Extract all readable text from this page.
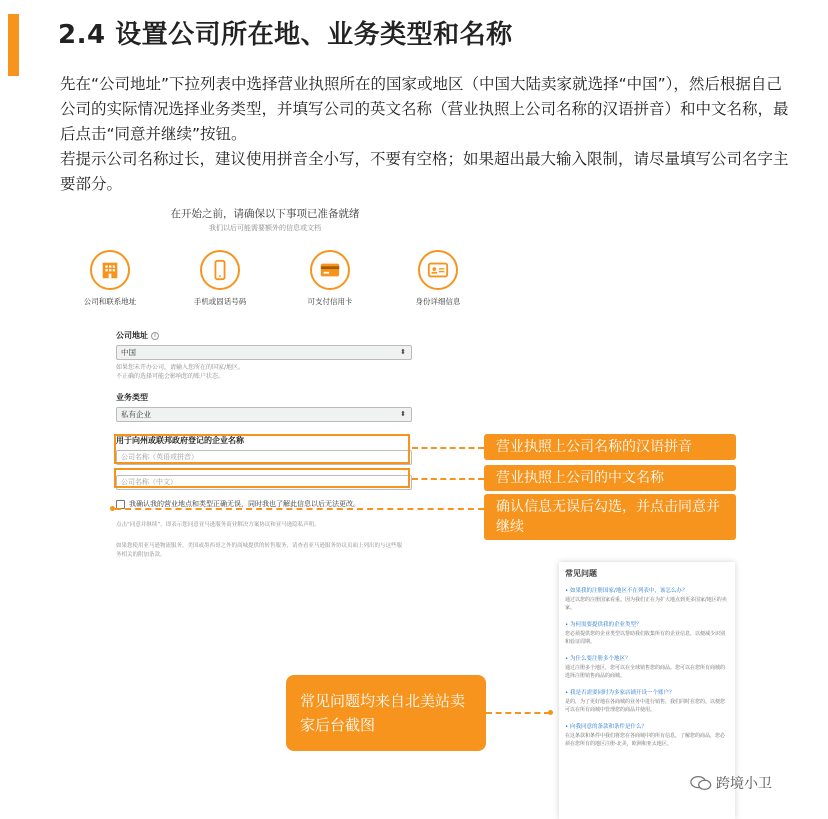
2.4 设置公司所在地、业务类型和名称

先在“公司地址”下拉列表中选择营业执照所在的国家或地区（中国大陆卖家就选择“中国”），然后根据自己公司的实际情况选择业务类型，并填写公司的英文名称（营业执照上公司名称的汉语拼音）和中文名称，最后点击“同意并继续”按钮。

若提示公司名称过长，建议使用拼音全小写，不要有空格；如果超出最大输入限制，请尽量填写公司名字主要部分。

在开始之前，请确保以下事项已准备就绪
我们以后可能需要额外的信息或文档
公司和联系地址	手机或固话号码	可支付信用卡	身份详细信息
公司地址 i
中国	⬍
如果您未开办公司，请输入您所在的国家/地区。
不正确的选择可能会影响您的账户状态。
业务类型
私有企业	⬍
用于向州或联邦政府登记的企业名称
公司名称（英语或拼音）
公司名称（中文）
我确认我的营业地点和类型正确无误，同时我也了解此信息以后无法更改。
点击“同意并继续”，即表示您同意亚马逊服务商业解决方案协议和亚马逊隐私声明。
如果您使用亚马逊物流服务，美国或墨西哥之外的商城提供的转售服务，请查看亚马逊服务协议页面上列出的与这些服务相关的附加条款。
营业执照上公司名称的汉语拼音
营业执照上公司的中文名称
确认信息无误后勾选，并点击同意并继续
常见问题
• 如果我的注册国家/地区不在列表中，该怎么办？
通过以您的注册国家看重。因为我们正在为扩大地点到更多国家/地区的卖家。
• 为何需要提供我的企业类型？
您必须提供您的企业类型以帮助我们收集所有的企业信息，以便减少识别和验证周期。
• 为什么要注册多个地区？
通过注册多个地区，您可以在全球销售您的商品。您可以在您所有商城的选择注册销售商品的商城。
• 我是否需要同时为多家店铺开设一个账户？
是的，为了更好地在各商城的业务中进行销售，我们同时在您的。以便您可以在所有商城中管理您的商品并使用。
• 向我同意的条款和条件是什么？
在这条款和条件中我们将您在各商城中的所有信息，了解您的商品，您必须在您所有的地区注册-北美，欧洲和亚太地区。
常见问题均来自北美站卖家后台截图
跨境小卫
